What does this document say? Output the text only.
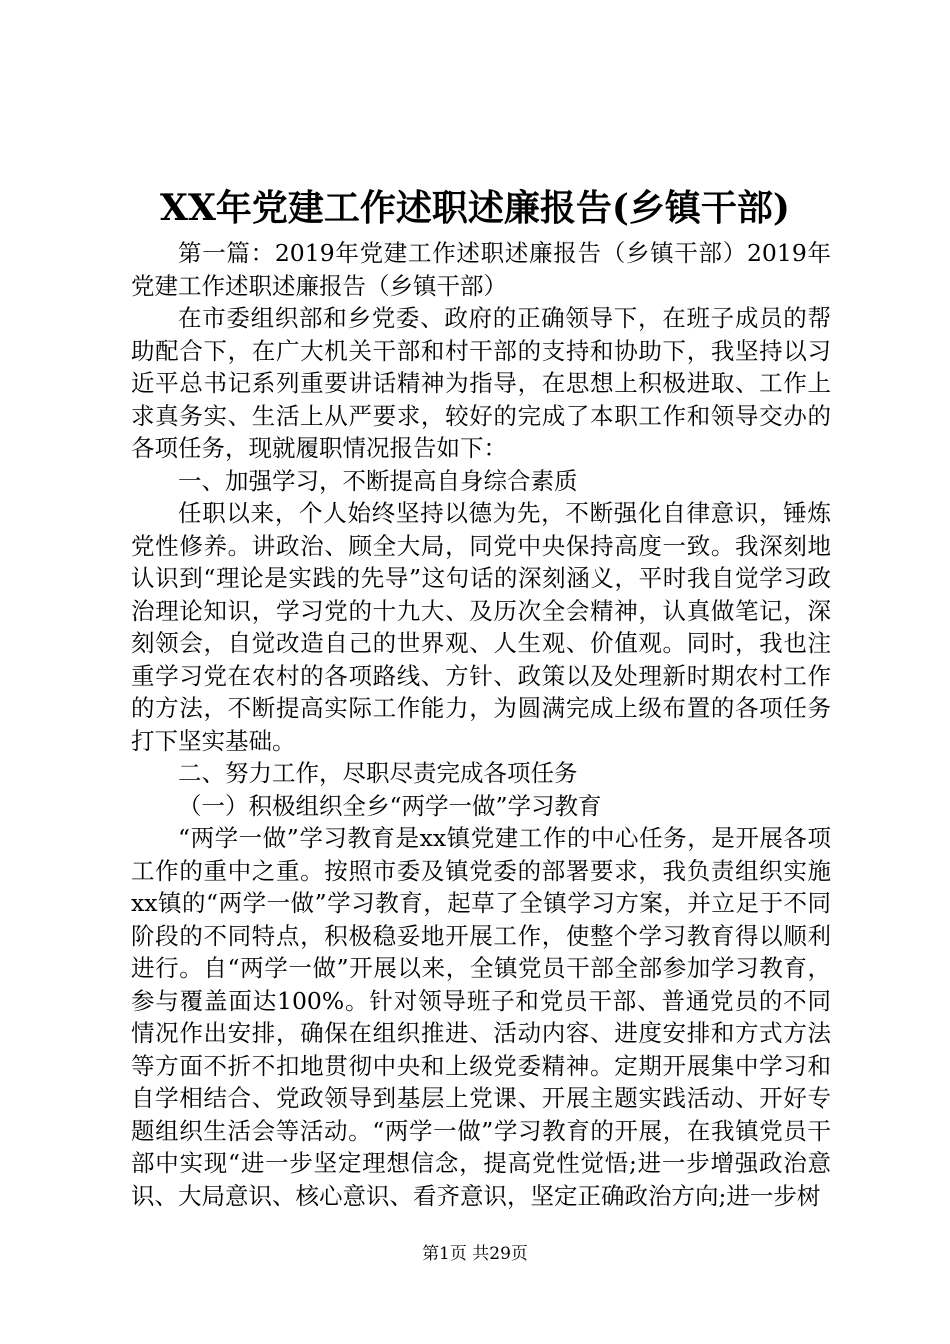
XX年党建工作述职述廉报告(乡镇干部)

第一篇：2019年党建工作述职述廉报告（乡镇干部）2019年党建工作述职述廉报告（乡镇干部）

在市委组织部和乡党委、政府的正确领导下，在班子成员的帮助配合下，在广大机关干部和村干部的支持和协助下，我坚持以习近平总书记系列重要讲话精神为指导，在思想上积极进取、工作上求真务实、生活上从严要求，较好的完成了本职工作和领导交办的各项任务，现就履职情况报告如下：

一、加强学习，不断提高自身综合素质

任职以来，个人始终坚持以德为先，不断强化自律意识，锤炼党性修养。讲政治、顾全大局，同党中央保持高度一致。我深刻地认识到“理论是实践的先导”这句话的深刻涵义，平时我自觉学习政治理论知识，学习党的十九大、及历次全会精神，认真做笔记，深刻领会，自觉改造自己的世界观、人生观、价值观。同时，我也注重学习党在农村的各项路线、方针、政策以及处理新时期农村工作的方法，不断提高实际工作能力，为圆满完成上级布置的各项任务打下坚实基础。

二、努力工作，尽职尽责完成各项任务

（一）积极组织全乡“两学一做”学习教育

“两学一做”学习教育是xx镇党建工作的中心任务，是开展各项工作的重中之重。按照市委及镇党委的部署要求，我负责组织实施xx镇的“两学一做”学习教育，起草了全镇学习方案，并立足于不同阶段的不同特点，积极稳妥地开展工作，使整个学习教育得以顺利进行。自“两学一做”开展以来，全镇党员干部全部参加学习教育，参与覆盖面达100%。针对领导班子和党员干部、普通党员的不同情况作出安排，确保在组织推进、活动内容、进度安排和方式方法等方面不折不扣地贯彻中央和上级党委精神。定期开展集中学习和自学相结合、党政领导到基层上党课、开展主题实践活动、开好专题组织生活会等活动。“两学一做”学习教育的开展，在我镇党员干部中实现“进一步坚定理想信念，提高党性觉悟;进一步增强政治意识、大局意识、核心意识、看齐意识，坚定正确政治方向;进一步树

第1页 共29页
